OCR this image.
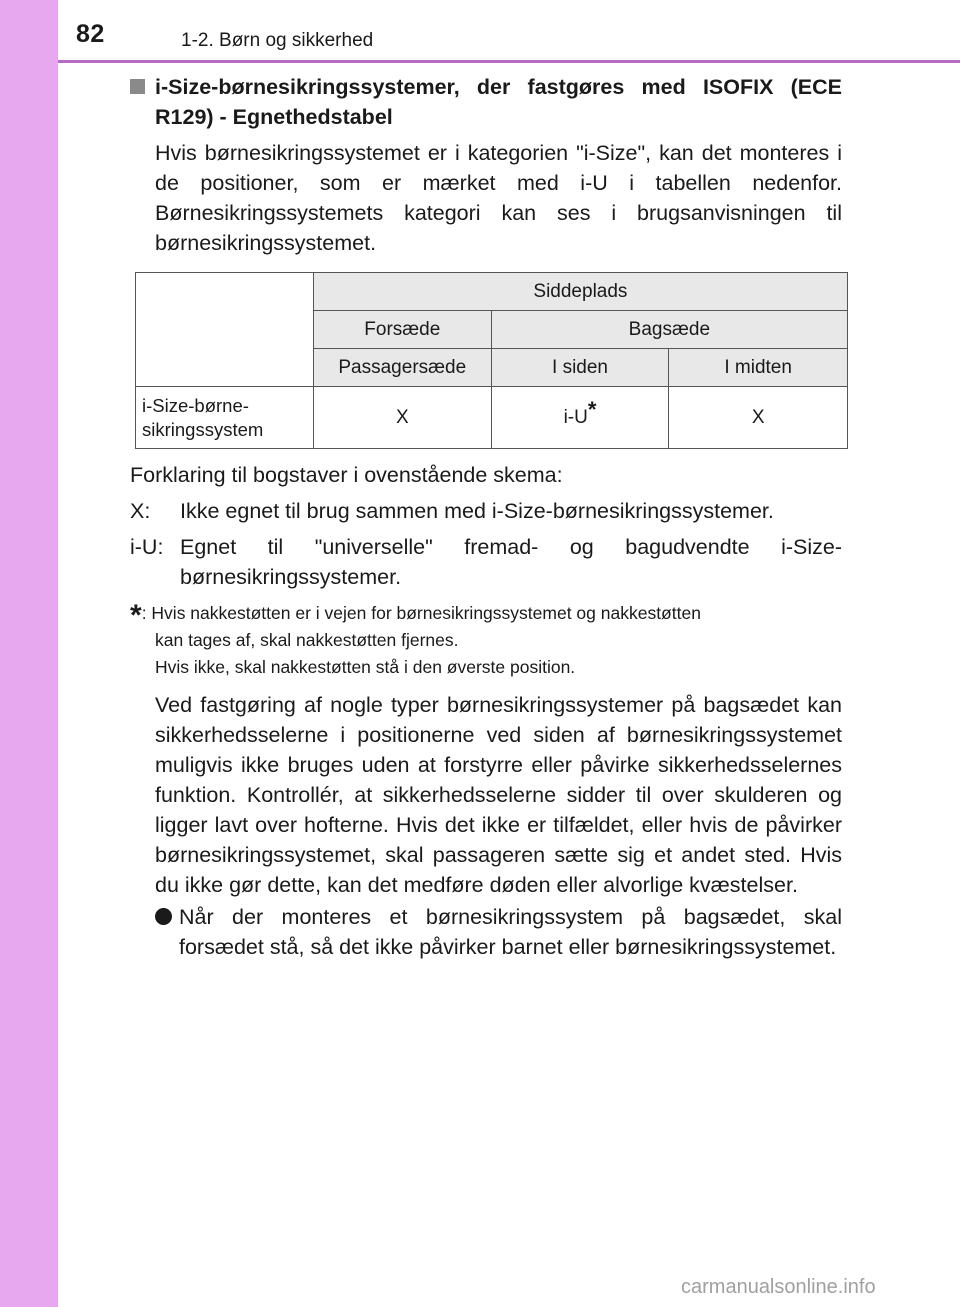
82	1-2. Børn og sikkerhed
i-Size-børnesikringssystemer, der fastgøres med ISOFIX (ECE R129) - Egnethedstabel
Hvis børnesikringssystemet er i kategorien "i-Size", kan det monteres i de positioner, som er mærket med i-U i tabellen nedenfor. Børnesikringssystemets kategori kan ses i brugsanvisningen til børnesikringssystemet.
	Siddeplads		
	Forsæde	Bagsæde	
	Passagersæde	I siden	I midten
i-Size-børne-sikringssystem	X	i-U*	X
Forklaring til bogstaver i ovenstående skema:
X:	Ikke egnet til brug sammen med i-Size-børnesikringssystemer.
i-U: Egnet til "universelle" fremad- og bagudvendte i-Size-børnesikringssystemer.
*: Hvis nakkestøtten er i vejen for børnesikringssystemet og nakkestøtten
kan tages af, skal nakkestøtten fjernes.
Hvis ikke, skal nakkestøtten stå i den øverste position.
Ved fastgøring af nogle typer børnesikringssystemer på bagsædet kan sikkerhedsselerne i positionerne ved siden af børnesikringssystemet muligvis ikke bruges uden at forstyrre eller påvirke sikkerhedsselernes funktion. Kontrollér, at sikkerhedsselerne sidder til over skulderen og ligger lavt over hofterne. Hvis det ikke er tilfældet, eller hvis de påvirker børnesikringssystemet, skal passageren sætte sig et andet sted. Hvis du ikke gør dette, kan det medføre døden eller alvorlige kvæstelser.
Når der monteres et børnesikringssystem på bagsædet, skal forsædet stå, så det ikke påvirker barnet eller børnesikringssystemet.
carmanualsonline.info
